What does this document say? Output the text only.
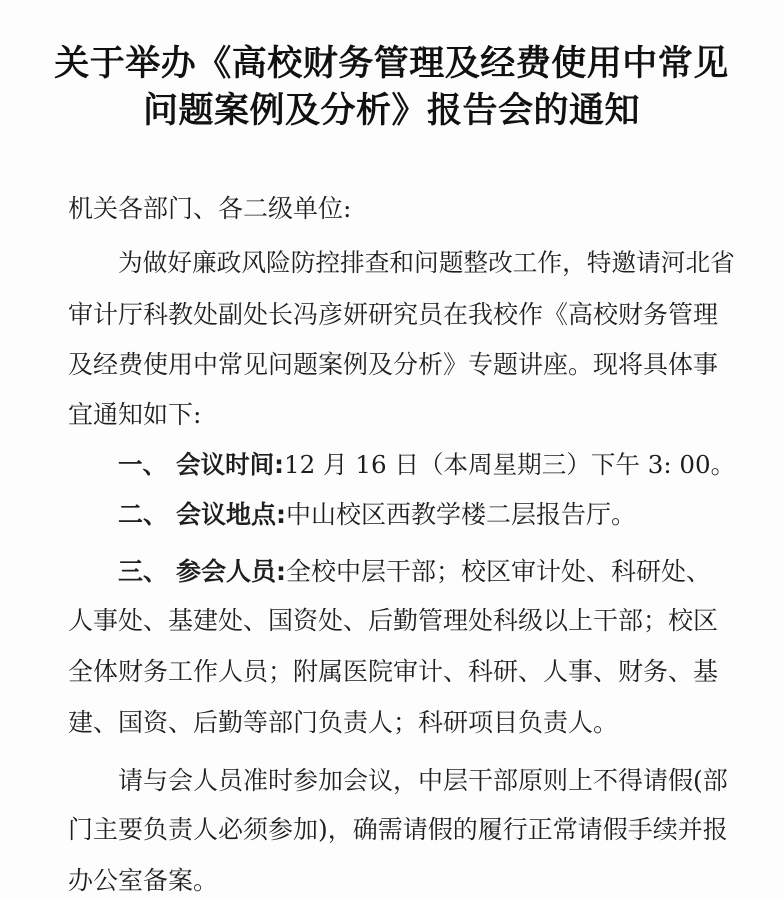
关于举办《高校财务管理及经费使用中常见
问题案例及分析》报告会的通知
机关各部门、各二级单位:
为做好廉政风险防控排查和问题整改工作，特邀请河北省
审计厅科教处副处长冯彦妍研究员在我校作《高校财务管理
及经费使用中常见问题案例及分析》专题讲座。现将具体事
宜通知如下:
一、 会议时间:12 月 16 日（本周星期三）下午 3: 00。
二、 会议地点:中山校区西教学楼二层报告厅。
三、 参会人员:全校中层干部；校区审计处、科研处、
人事处、基建处、国资处、后勤管理处科级以上干部；校区
全体财务工作人员；附属医院审计、科研、人事、财务、基
建、国资、后勤等部门负责人；科研项目负责人。
请与会人员准时参加会议，中层干部原则上不得请假(部
门主要负责人必须参加)，确需请假的履行正常请假手续并报
办公室备案。
